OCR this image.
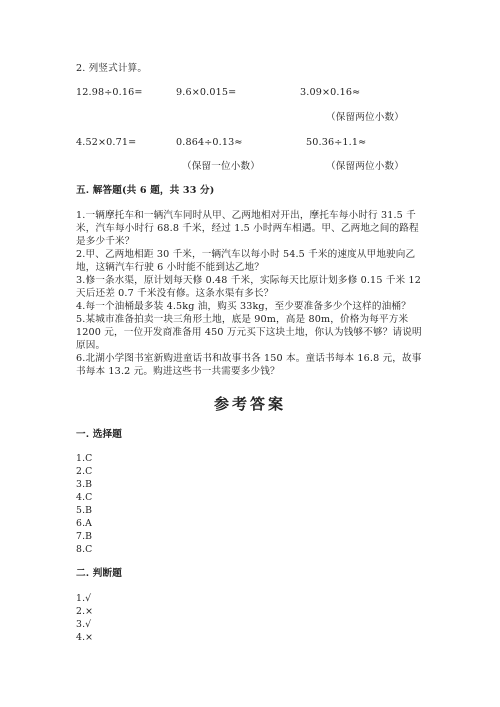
2. 列竖式计算。
12.98÷0.16=	9.6×0.015=	3.09×0.16≈
（保留两位小数）
4.52×0.71=	0.864÷0.13≈	50.36÷1.1≈
（保留一位小数）	（保留两位小数）
五. 解答题(共 6 题，共 33 分)
1.一辆摩托车和一辆汽车同时从甲、乙两地相对开出，摩托车每小时行 31.5 千
米，汽车每小时行 68.8 千米，经过 1.5 小时两车相遇。甲、乙两地之间的路程
是多少千米？
2.甲、乙两地相距 30 千米，一辆汽车以每小时 54.5 千米的速度从甲地驶向乙
地，这辆汽车行驶 6 小时能不能到达乙地？
3.修一条水渠，原计划每天修 0.48 千米，实际每天比原计划多修 0.15 千米 12
天后还差 0.7 千米没有修。这条水渠有多长？
4.每一个油桶最多装 4.5kg 油，购买 33kg，至少要准备多少个这样的油桶？
5.某城市准备拍卖一块三角形土地，底是 90m，高是 80m，价格为每平方米
1200 元，一位开发商准备用 450 万元买下这块土地，你认为钱够不够？请说明
原因。
6.北湖小学图书室新购进童话书和故事书各 150 本。童话书每本 16.8 元，故事
书每本 13.2 元。购进这些书一共需要多少钱？
参考答案
一. 选择题
1.C
2.C
3.B
4.C
5.B
6.A
7.B
8.C
二. 判断题
1.√
2.×
3.√
4.×
